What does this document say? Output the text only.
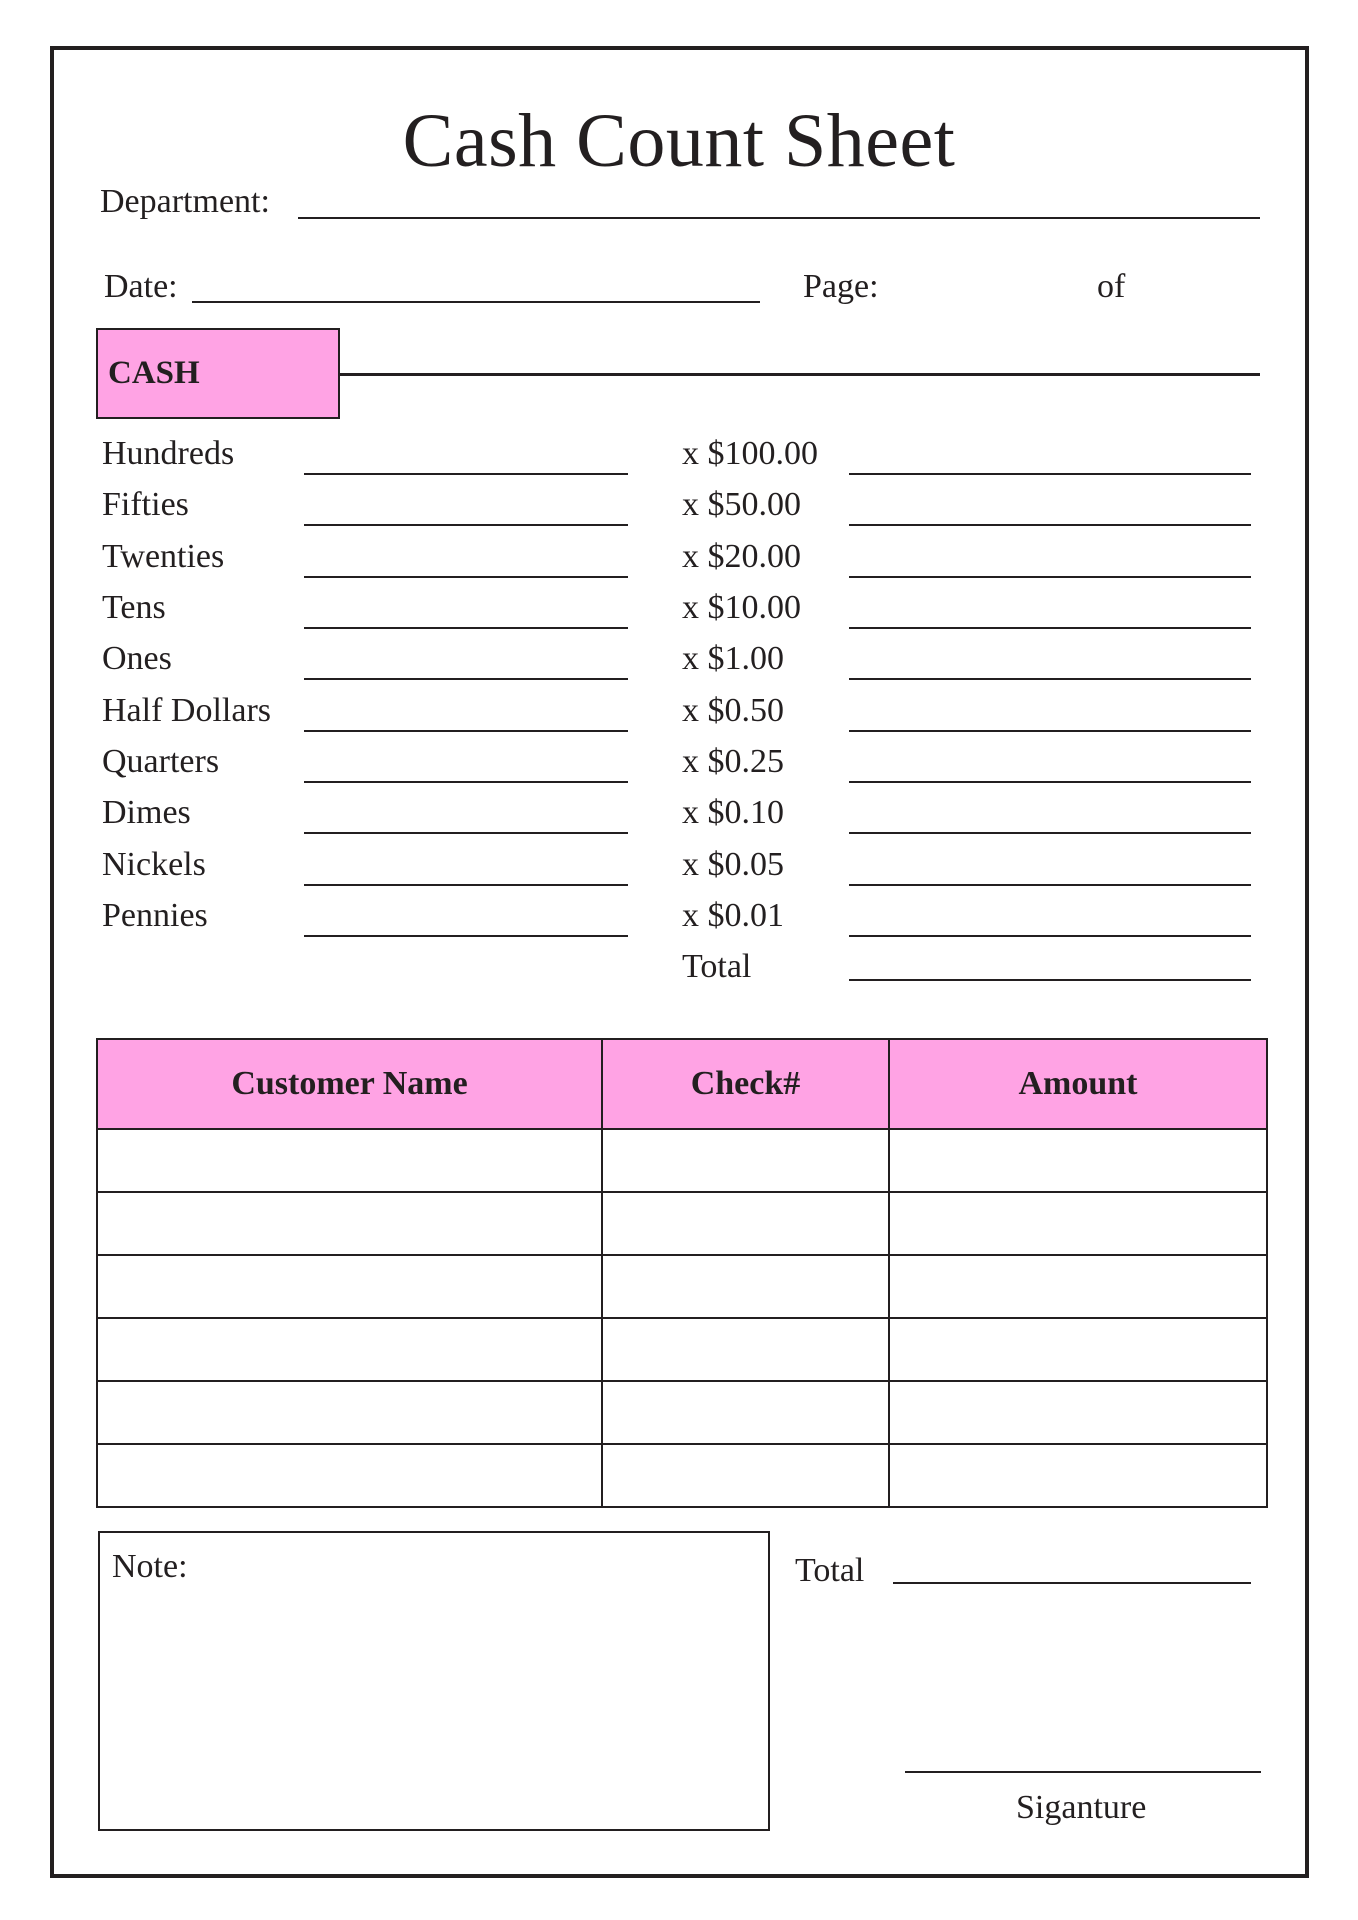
Cash Count Sheet
Department:
Date:	Page:	of
CASH
Hundreds	x $100.00
Fifties	x $50.00
Twenties	x $20.00
Tens	x $10.00
Ones	x $1.00
Half Dollars	x $0.50
Quarters	x $0.25
Dimes	x $0.10
Nickels	x $0.05
Pennies	x $0.01
Total
Customer Name	Check#	Amount

Note:	Total
Siganture
